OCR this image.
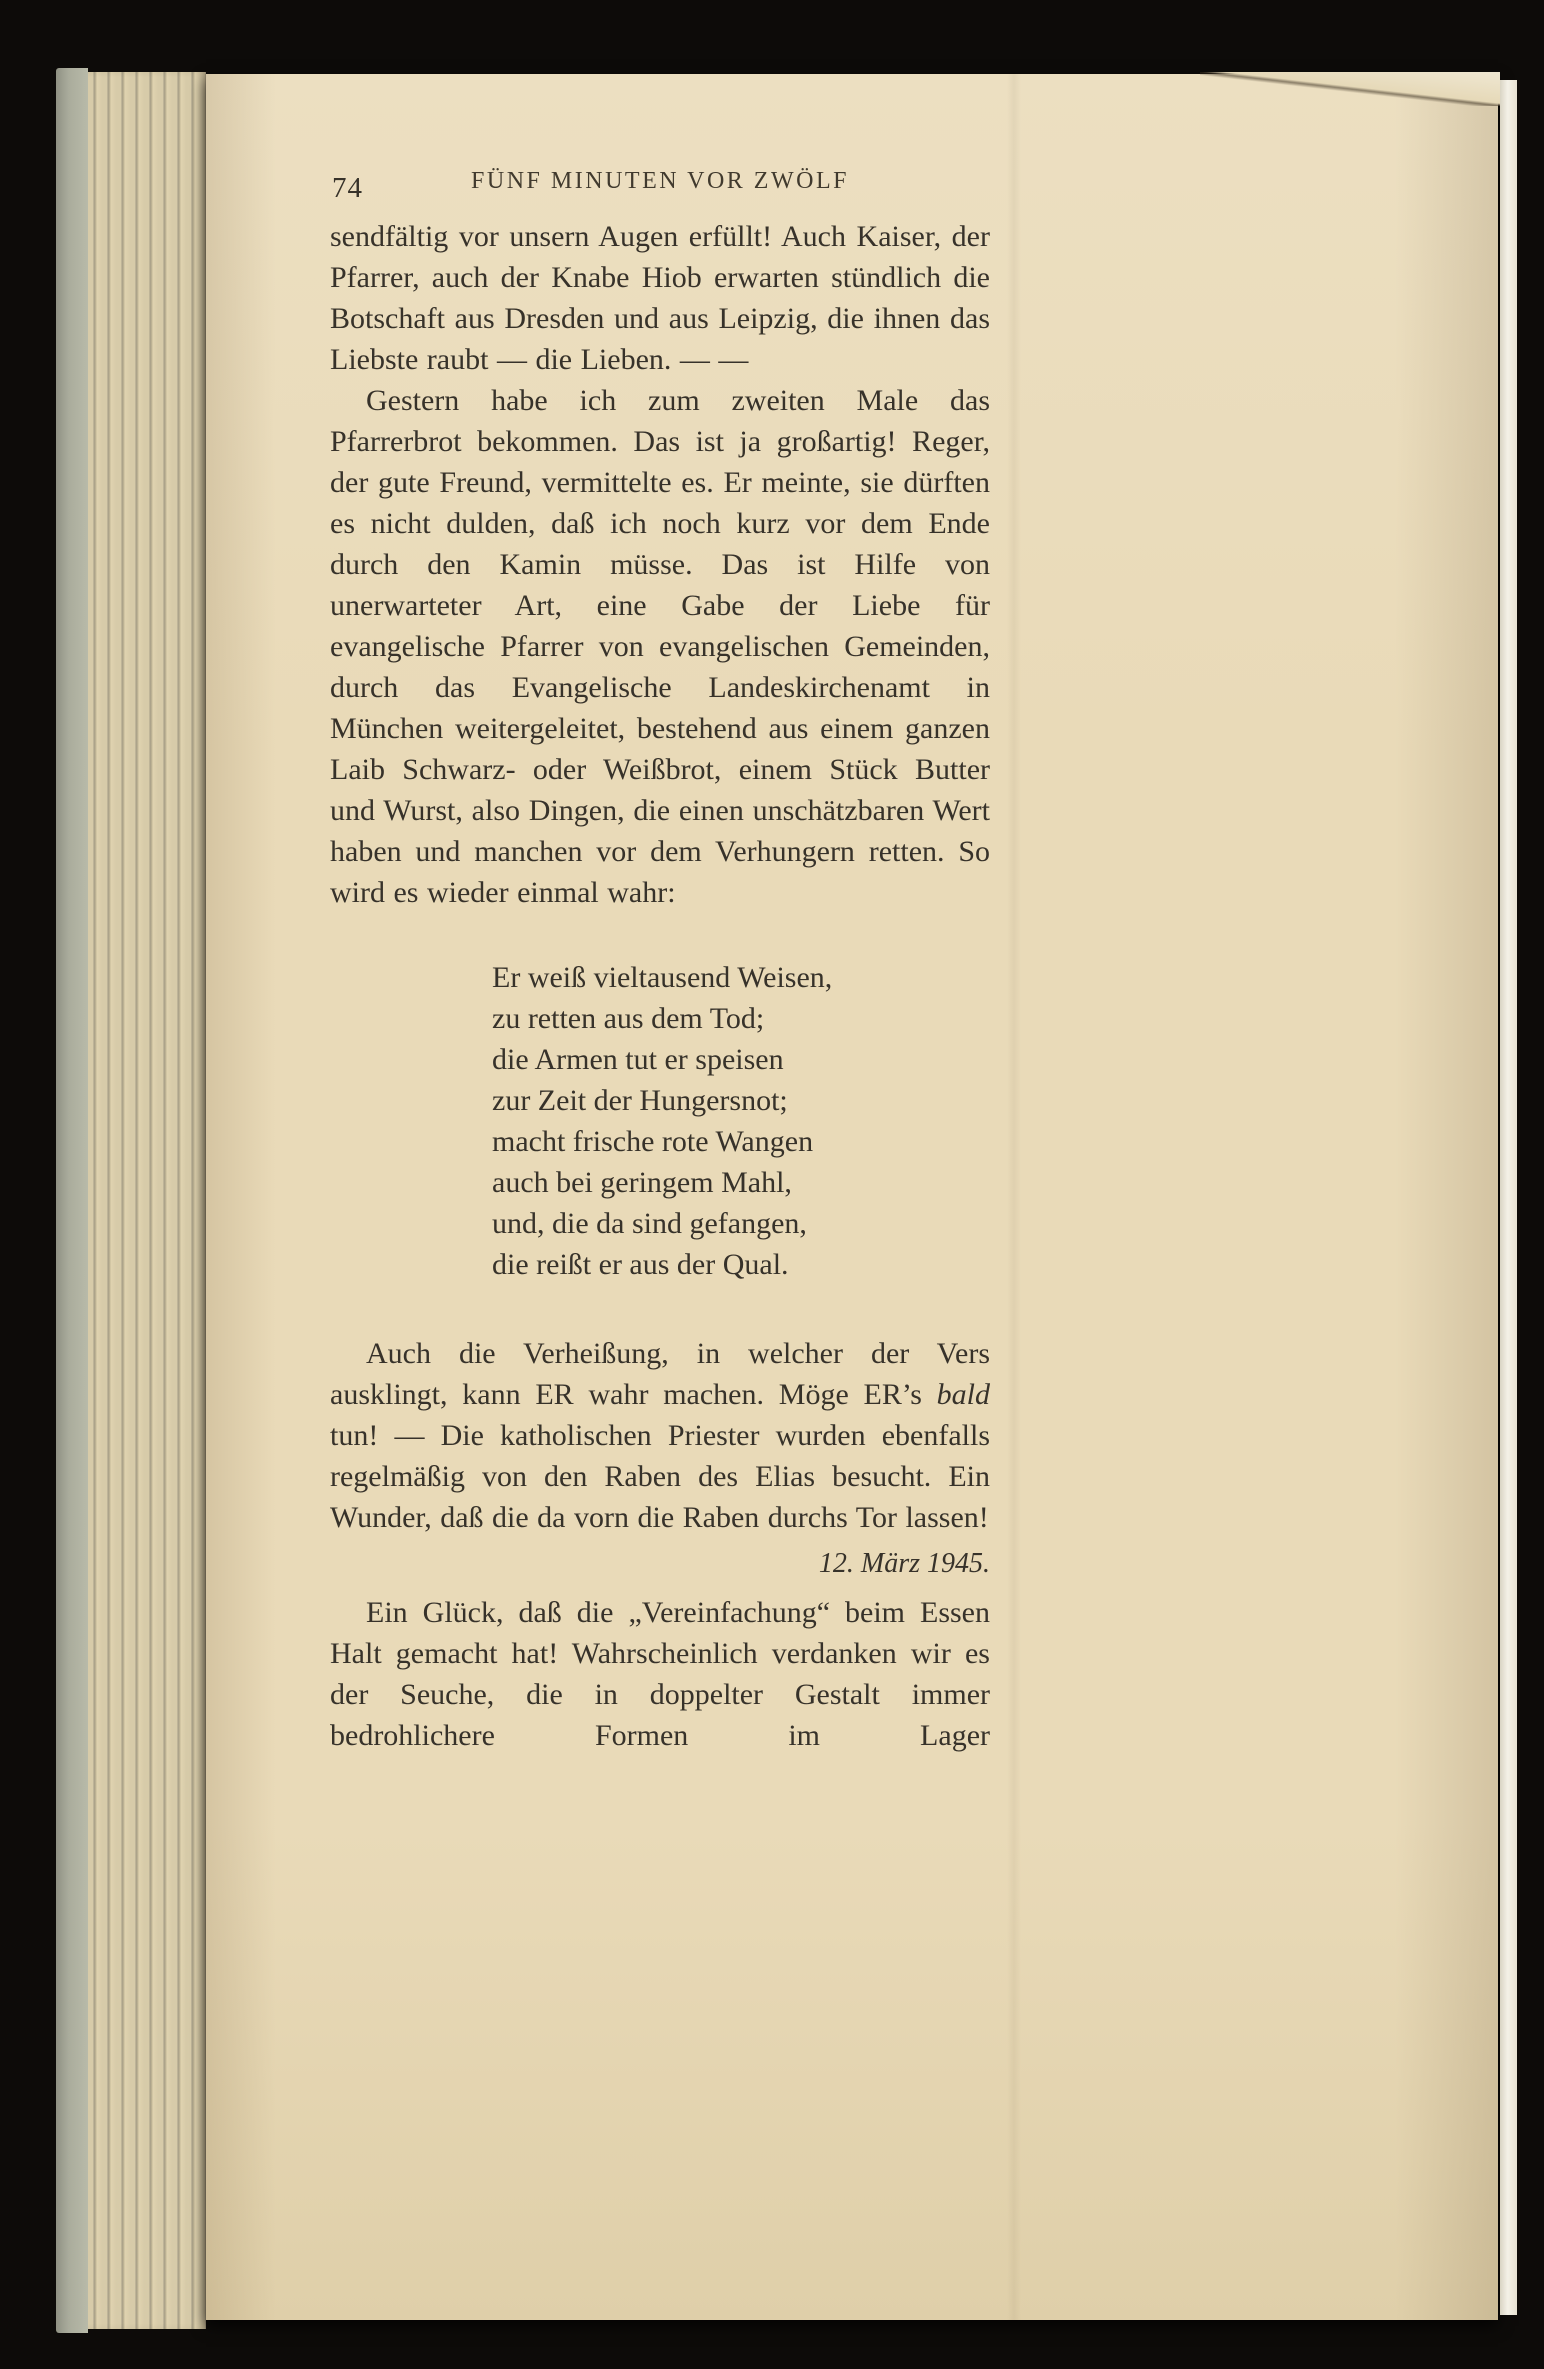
74	FÜNF MINUTEN VOR ZWÖLF

sendfältig vor unsern Augen erfüllt! Auch Kaiser, der Pfarrer, auch der Knabe Hiob erwarten stündlich die Botschaft aus Dresden und aus Leipzig, die ihnen das Liebste raubt — die Lieben. — —

Gestern habe ich zum zweiten Male das Pfarrerbrot bekommen. Das ist ja großartig! Reger, der gute Freund, vermittelte es. Er meinte, sie dürften es nicht dulden, daß ich noch kurz vor dem Ende durch den Kamin müsse. Das ist Hilfe von unerwarteter Art, eine Gabe der Liebe für evangelische Pfarrer von evangelischen Gemeinden, durch das Evangelische Landeskirchenamt in München weitergeleitet, bestehend aus einem ganzen Laib Schwarz- oder Weißbrot, einem Stück Butter und Wurst, also Dingen, die einen unschätzbaren Wert haben und manchen vor dem Verhungern retten. So wird es wieder einmal wahr:

Er weiß vieltausend Weisen,
zu retten aus dem Tod;
die Armen tut er speisen
zur Zeit der Hungersnot;
macht frische rote Wangen
auch bei geringem Mahl,
und, die da sind gefangen,
die reißt er aus der Qual.

Auch die Verheißung, in welcher der Vers ausklingt, kann ER wahr machen. Möge ER’s bald tun! — Die katholischen Priester wurden ebenfalls regelmäßig von den Raben des Elias besucht. Ein Wunder, daß die da vorn die Raben durchs Tor lassen!

12. März 1945.

Ein Glück, daß die „Vereinfachung“ beim Essen Halt gemacht hat! Wahrscheinlich verdanken wir es der Seuche, die in doppelter Gestalt immer bedrohlichere Formen im Lager
